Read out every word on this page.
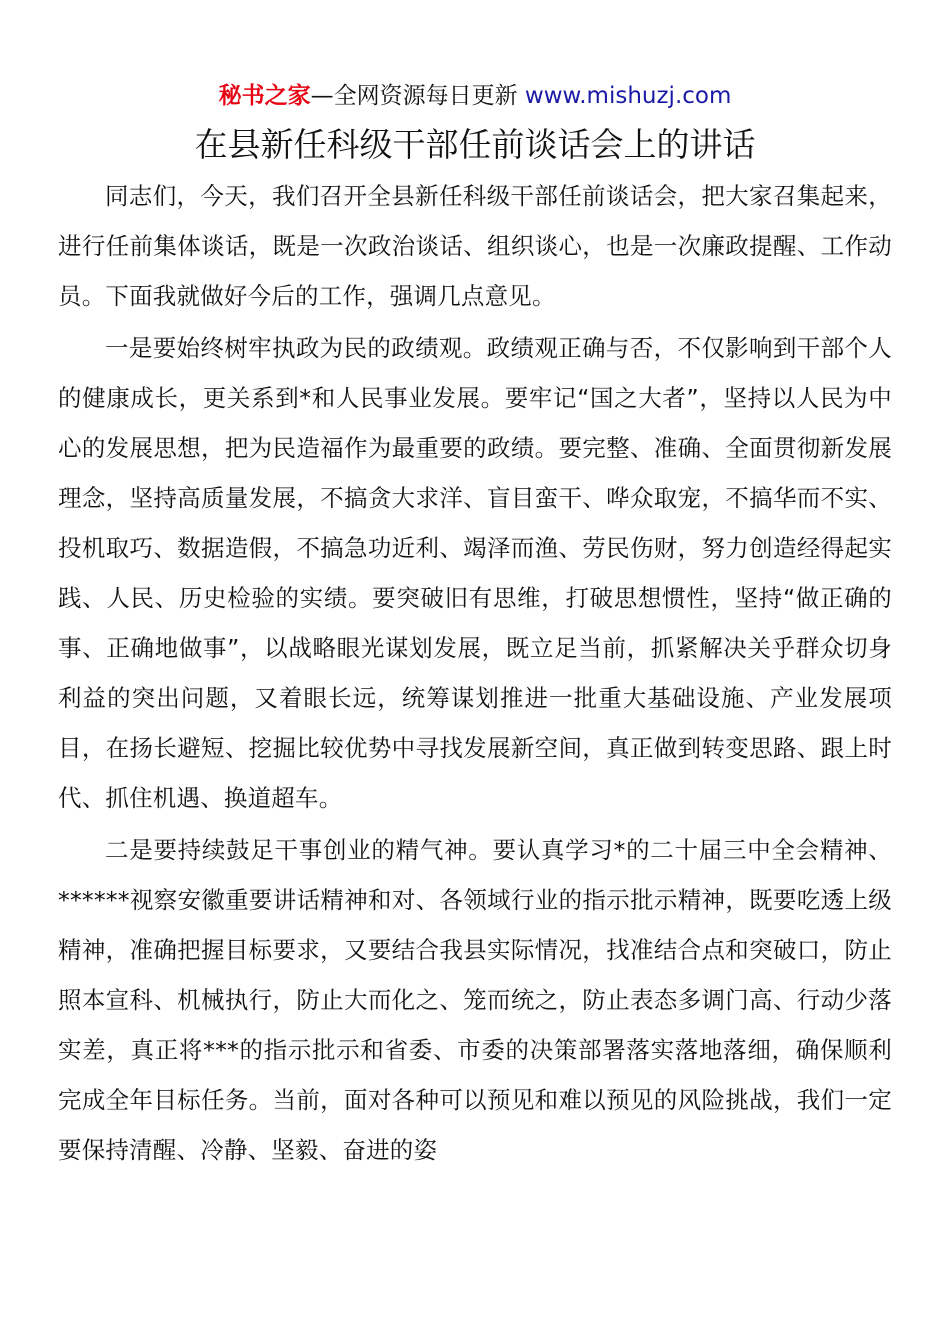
秘书之家—全网资源每日更新 www.mishuzj.com
在县新任科级干部任前谈话会上的讲话

同志们，今天，我们召开全县新任科级干部任前谈话会，把大家召集起来，进行任前集体谈话，既是一次政治谈话、组织谈心，也是一次廉政提醒、工作动员。下面我就做好今后的工作，强调几点意见。

一是要始终树牢执政为民的政绩观。政绩观正确与否，不仅影响到干部个人的健康成长，更关系到*和人民事业发展。要牢记“国之大者”，坚持以人民为中心的发展思想，把为民造福作为最重要的政绩。要完整、准确、全面贯彻新发展理念，坚持高质量发展，不搞贪大求洋、盲目蛮干、哗众取宠，不搞华而不实、投机取巧、数据造假，不搞急功近利、竭泽而渔、劳民伤财，努力创造经得起实践、人民、历史检验的实绩。要突破旧有思维，打破思想惯性，坚持“做正确的事、正确地做事”，以战略眼光谋划发展，既立足当前，抓紧解决关乎群众切身利益的突出问题，又着眼长远，统筹谋划推进一批重大基础设施、产业发展项目，在扬长避短、挖掘比较优势中寻找发展新空间，真正做到转变思路、跟上时代、抓住机遇、换道超车。

二是要持续鼓足干事创业的精气神。要认真学习*的二十届三中全会精神、******视察安徽重要讲话精神和对、各领域行业的指示批示精神，既要吃透上级精神，准确把握目标要求，又要结合我县实际情况，找准结合点和突破口，防止照本宣科、机械执行，防止大而化之、笼而统之，防止表态多调门高、行动少落实差，真正将***的指示批示和省委、市委的决策部署落实落地落细，确保顺利完成全年目标任务。当前，面对各种可以预见和难以预见的风险挑战，我们一定要保持清醒、冷静、坚毅、奋进的姿
